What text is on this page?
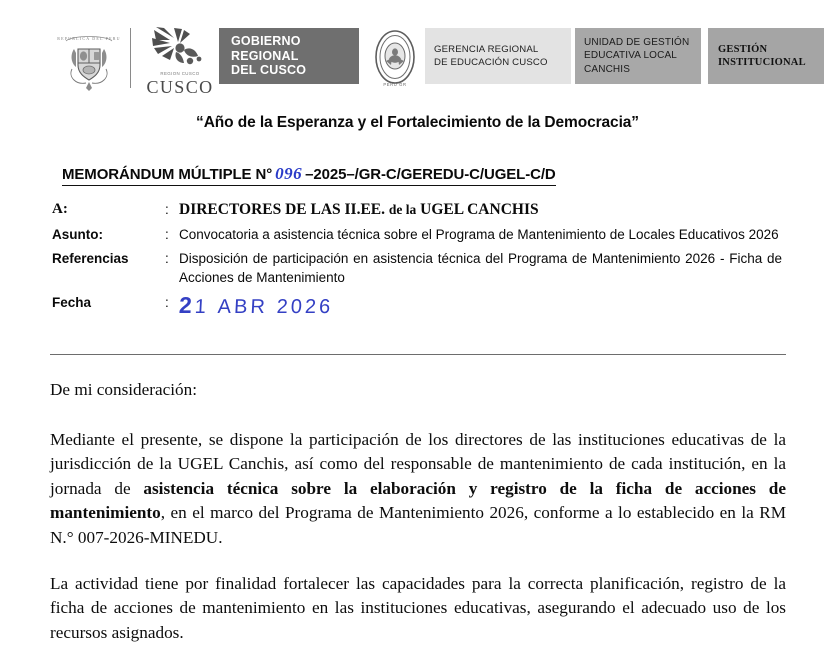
REPUBLICA DEL PERU
REGION CUSCO
CUSCO
GOBIERNO
REGIONAL
DEL CUSCO
PERU GR
GERENCIA REGIONAL
DE EDUCACIÓN CUSCO
UNIDAD DE GESTIÓN
EDUCATIVA LOCAL
CANCHIS
GESTIÓN
INSTITUCIONAL
“Año de la Esperanza y el Fortalecimiento de la Democracia”
MEMORÁNDUM MÚLTIPLE N° 096 –2025–/GR-C/GEREDU-C/UGEL-C/D
A:	: DIRECTORES DE LAS II.EE. de la UGEL CANCHIS
Asunto:	: Convocatoria a asistencia técnica sobre el Programa de Mantenimiento de Locales Educativos 2026
Referencias	: Disposición de participación en asistencia técnica del Programa de Mantenimiento 2026 - Ficha de Acciones de Mantenimiento
Fecha	: 21 ABR 2026

De mi consideración:

Mediante el presente, se dispone la participación de los directores de las instituciones educativas de la jurisdicción de la UGEL Canchis, así como del responsable de mantenimiento de cada institución, en la jornada de asistencia técnica sobre la elaboración y registro de la ficha de acciones de mantenimiento, en el marco del Programa de Mantenimiento 2026, conforme a lo establecido en la RM N.° 007-2026-MINEDU.

La actividad tiene por finalidad fortalecer las capacidades para la correcta planificación, registro de la ficha de acciones de mantenimiento en las instituciones educativas, asegurando el adecuado uso de los recursos asignados.
